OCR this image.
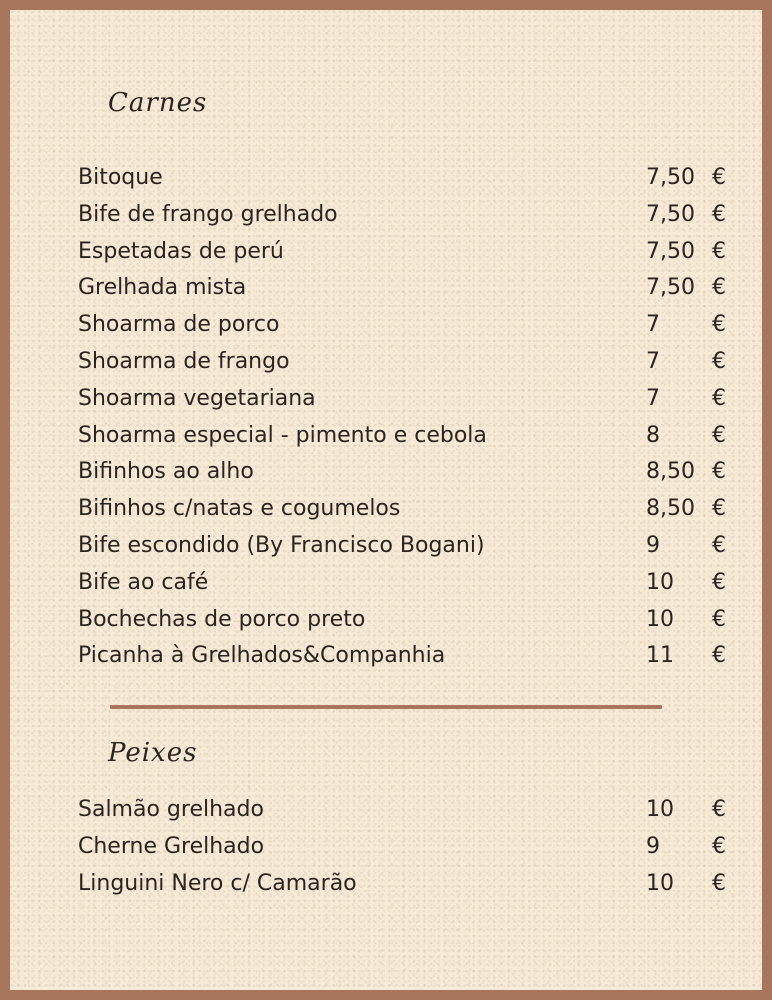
Carnes
Bitoque	7,50 €
Bife de frango grelhado	7,50 €
Espetadas de perú	7,50 €
Grelhada mista	7,50 €
Shoarma de porco	7 €
Shoarma de frango	7 €
Shoarma vegetariana	7 €
Shoarma especial - pimento e cebola	8 €
Bifinhos ao alho	8,50 €
Bifinhos c/natas e cogumelos	8,50 €
Bife escondido (By Francisco Bogani)	9 €
Bife ao café	10 €
Bochechas de porco preto	10 €
Picanha à Grelhados&Companhia	11 €
Peixes
Salmão grelhado	10 €
Cherne Grelhado	9 €
Linguini Nero c/ Camarão	10 €
